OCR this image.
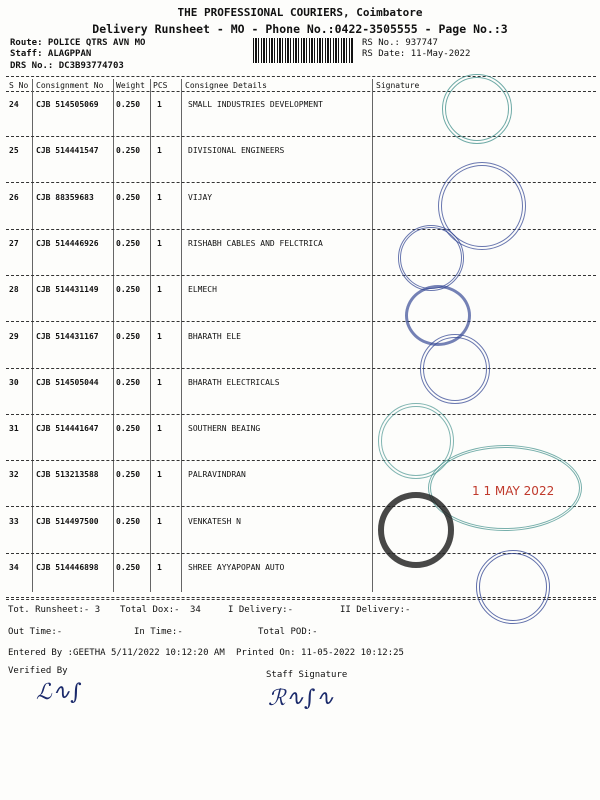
THE PROFESSIONAL COURIERS, Coimbatore
Delivery Runsheet - MO - Phone No.:0422-3505555 - Page No.:3
Route: POLICE QTRS AVN MO
Staff: ALAGPPAN
DRS No.: DC3B93774703
RS No.: 937747
RS Date: 11-May-2022
S No Consignment No Weight PCS Consignee Details	Signature
24 CJB 514505069 0.250 1	SMALL INDUSTRIES DEVELOPMENT
25 CJB 514441547 0.250 1	DIVISIONAL ENGINEERS
26 CJB 88359683	0.250 1	VIJAY
27 CJB 514446926 0.250 1	RISHABH CABLES AND FELCTRICA
28 CJB 514431149 0.250 1	ELMECH
29 CJB 514431167 0.250 1	BHARATH ELE
30 CJB 514505044 0.250 1	BHARATH ELECTRICALS
31 CJB 514441647 0.250 1	SOUTHERN BEAING
32 CJB 513213588 0.250 1	PALRAVINDRAN
33 CJB 514497500 0.250 1	VENKATESH N
34 CJB 514446898 0.250 1	SHREE AYYAPOPAN AUTO
1 1 MAY 2022
Tot. Runsheet:- 3 Total Dox:- 34	I Delivery:-	II Delivery:-
Out Time:-	In Time:-	Total POD:-
Entered By :GEETHA 5/11/2022 10:12:20 AM Printed On: 11-05-2022 10:12:25
Verified By	Staff Signature
ℒ∿∫	ℛ∿∫∿
